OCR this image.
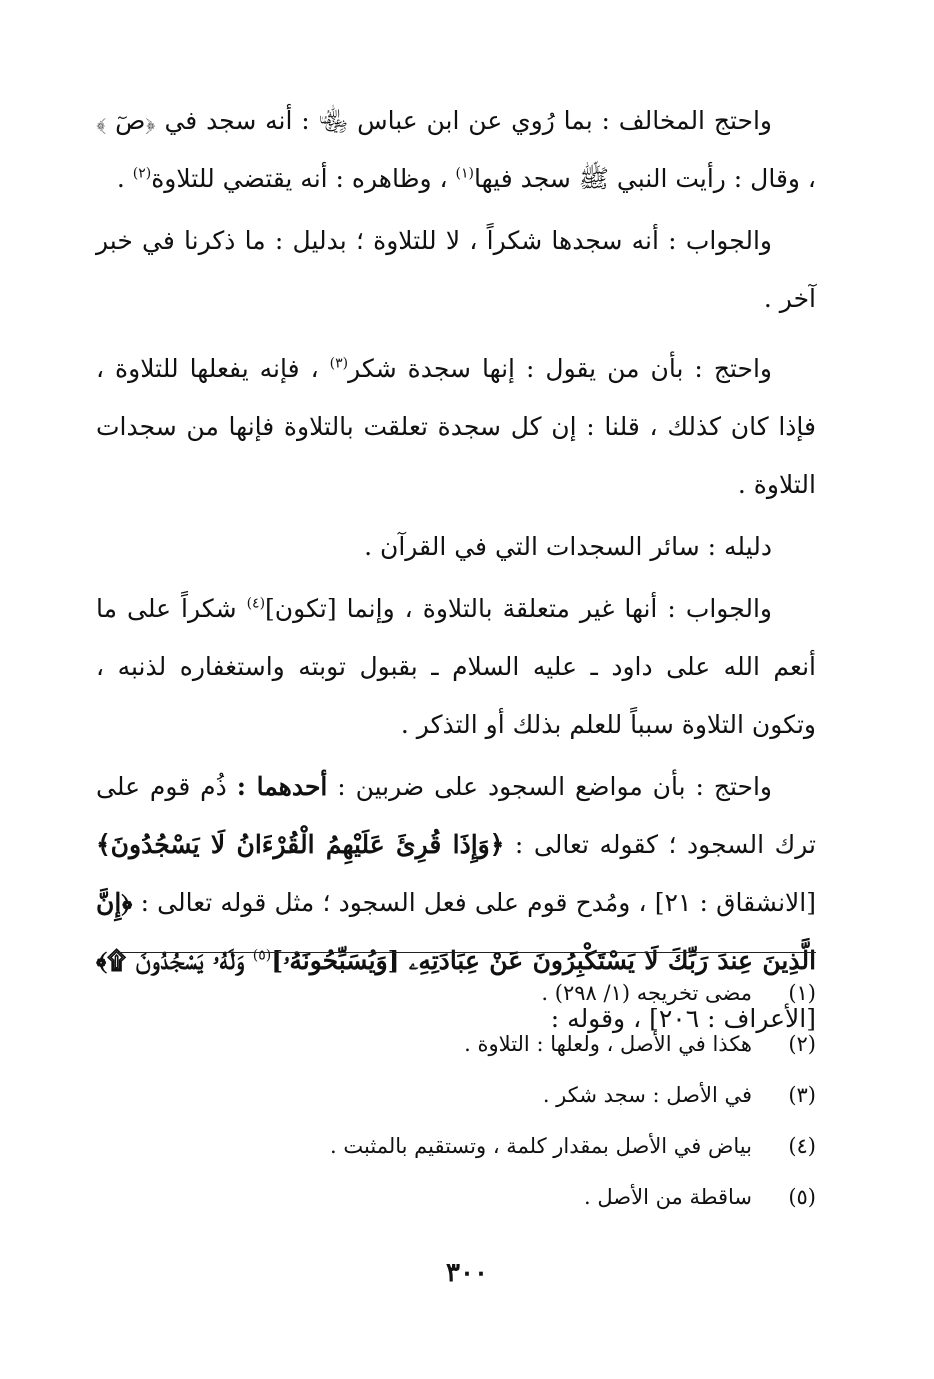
واحتج المخالف : بما رُوي عن ابن عباس ﵄ : أنه سجد في ﴿صٓ ﴾ ، وقال : رأيت النبي ﷺ سجد فيها$^{(١)}$ ، وظاهره : أنه يقتضي للتلاوة$^{(٢)}$ .

والجواب : أنه سجدها شكراً ، لا للتلاوة ؛ بدليل : ما ذكرنا في خبر آخر .

واحتج : بأن من يقول : إنها سجدة شكر$^{(٣)}$ ، فإنه يفعلها للتلاوة ، فإذا كان كذلك ، قلنا : إن كل سجدة تعلقت بالتلاوة فإنها من سجدات التلاوة .

دليله : سائر السجدات التي في القرآن .

والجواب : أنها غير متعلقة بالتلاوة ، وإنما [تكون]$^{(٤)}$ شكراً على ما أنعم الله على داود ـ عليه السلام ـ بقبول توبته واستغفاره لذنبه ، وتكون التلاوة سبباً للعلم بذلك أو التذكر .

واحتج : بأن مواضع السجود على ضربين : أحدهما : ذُم قوم على ترك السجود ؛ كقوله تعالى : ﴿وَإِذَا قُرِئَ عَلَيْهِمُ الْقُرْءَانُ لَا يَسْجُدُونَ﴾[الانشقاق : ٢١] ، ومُدح قوم على فعل السجود ؛ مثل قوله تعالى : ﴿إِنَّ الَّذِينَ عِندَ رَبِّكَ لَا يَسْتَكْبِرُونَ عَنْ عِبَادَتِهِۦ [وَيُسَبِّحُونَهُۥ]$^{(٥)}$ وَلَهُۥ يَسْجُدُونَ ۩﴾[الأعراف : ٢٠٦] ، وقوله :

(١)
مضى تخريجه (١/ ٢٩٨) .
(٢)
هكذا في الأصل ، ولعلها : التلاوة .
(٣)
في الأصل : سجد شكر .
(٤)
بياض في الأصل بمقدار كلمة ، وتستقيم بالمثبت .
(٥)
ساقطة من الأصل .
٣٠٠
